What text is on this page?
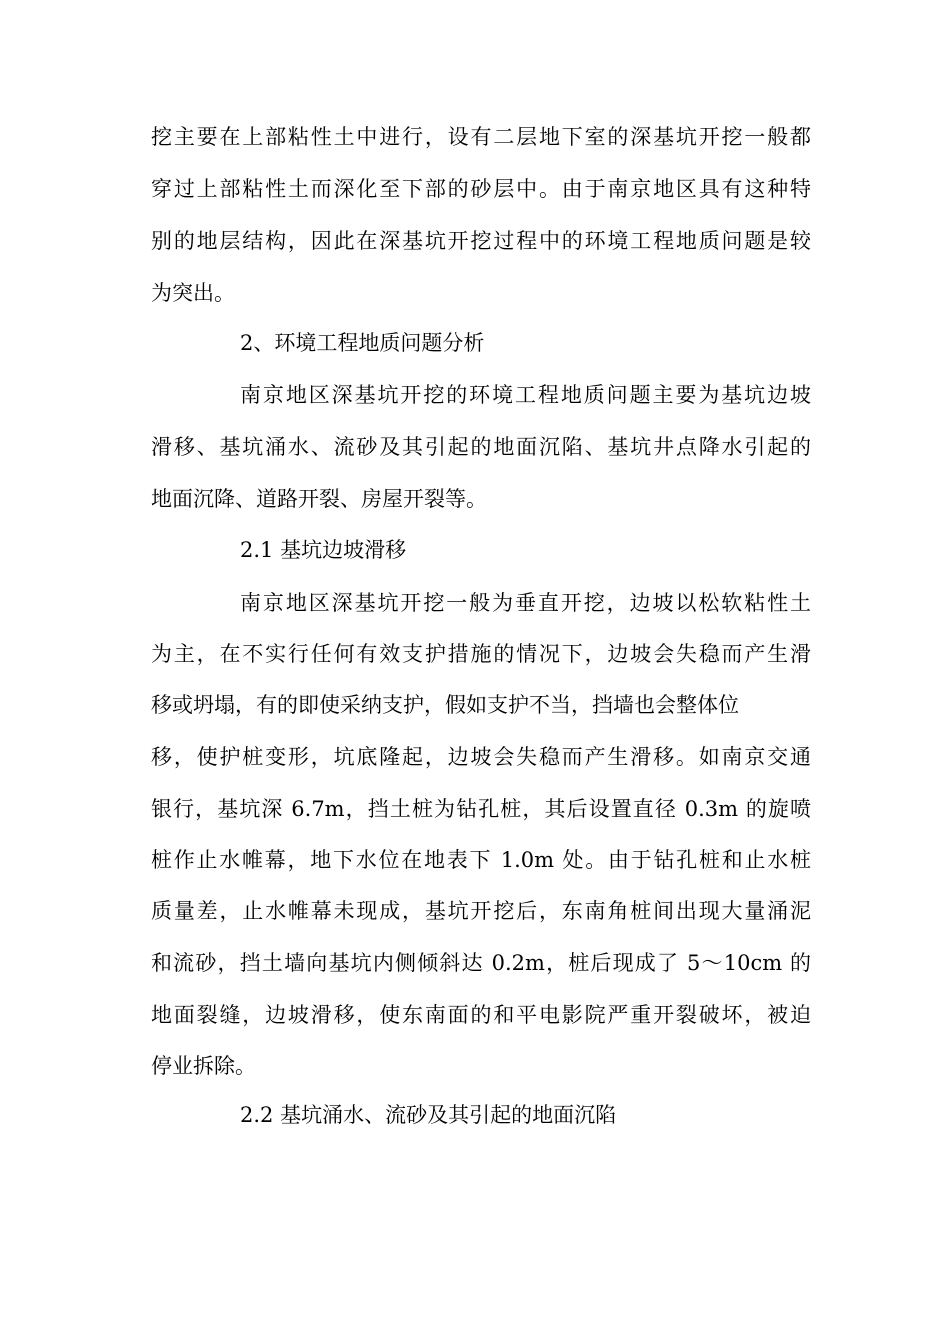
挖主要在上部粘性土中进行，设有二层地下室的深基坑开挖一般都
穿过上部粘性土而深化至下部的砂层中。由于南京地区具有这种特
别的地层结构，因此在深基坑开挖过程中的环境工程地质问题是较
为突出。
2、环境工程地质问题分析
南京地区深基坑开挖的环境工程地质问题主要为基坑边坡
滑移、基坑涌水、流砂及其引起的地面沉陷、基坑井点降水引起的
地面沉降、道路开裂、房屋开裂等。
2.1 基坑边坡滑移
南京地区深基坑开挖一般为垂直开挖，边坡以松软粘性土
为主，在不实行任何有效支护措施的情况下，边坡会失稳而产生滑
移或坍塌，有的即使采纳支护，假如支护不当，挡墙也会整体位
移，使护桩变形，坑底隆起，边坡会失稳而产生滑移。如南京交通
银行，基坑深 6.7m，挡土桩为钻孔桩，其后设置直径 0.3m 的旋喷
桩作止水帷幕，地下水位在地表下 1.0m 处。由于钻孔桩和止水桩
质量差，止水帷幕未现成，基坑开挖后，东南角桩间出现大量涌泥
和流砂，挡土墙向基坑内侧倾斜达 0.2m，桩后现成了 5～10cm 的
地面裂缝，边坡滑移，使东南面的和平电影院严重开裂破坏，被迫
停业拆除。
2.2 基坑涌水、流砂及其引起的地面沉陷
